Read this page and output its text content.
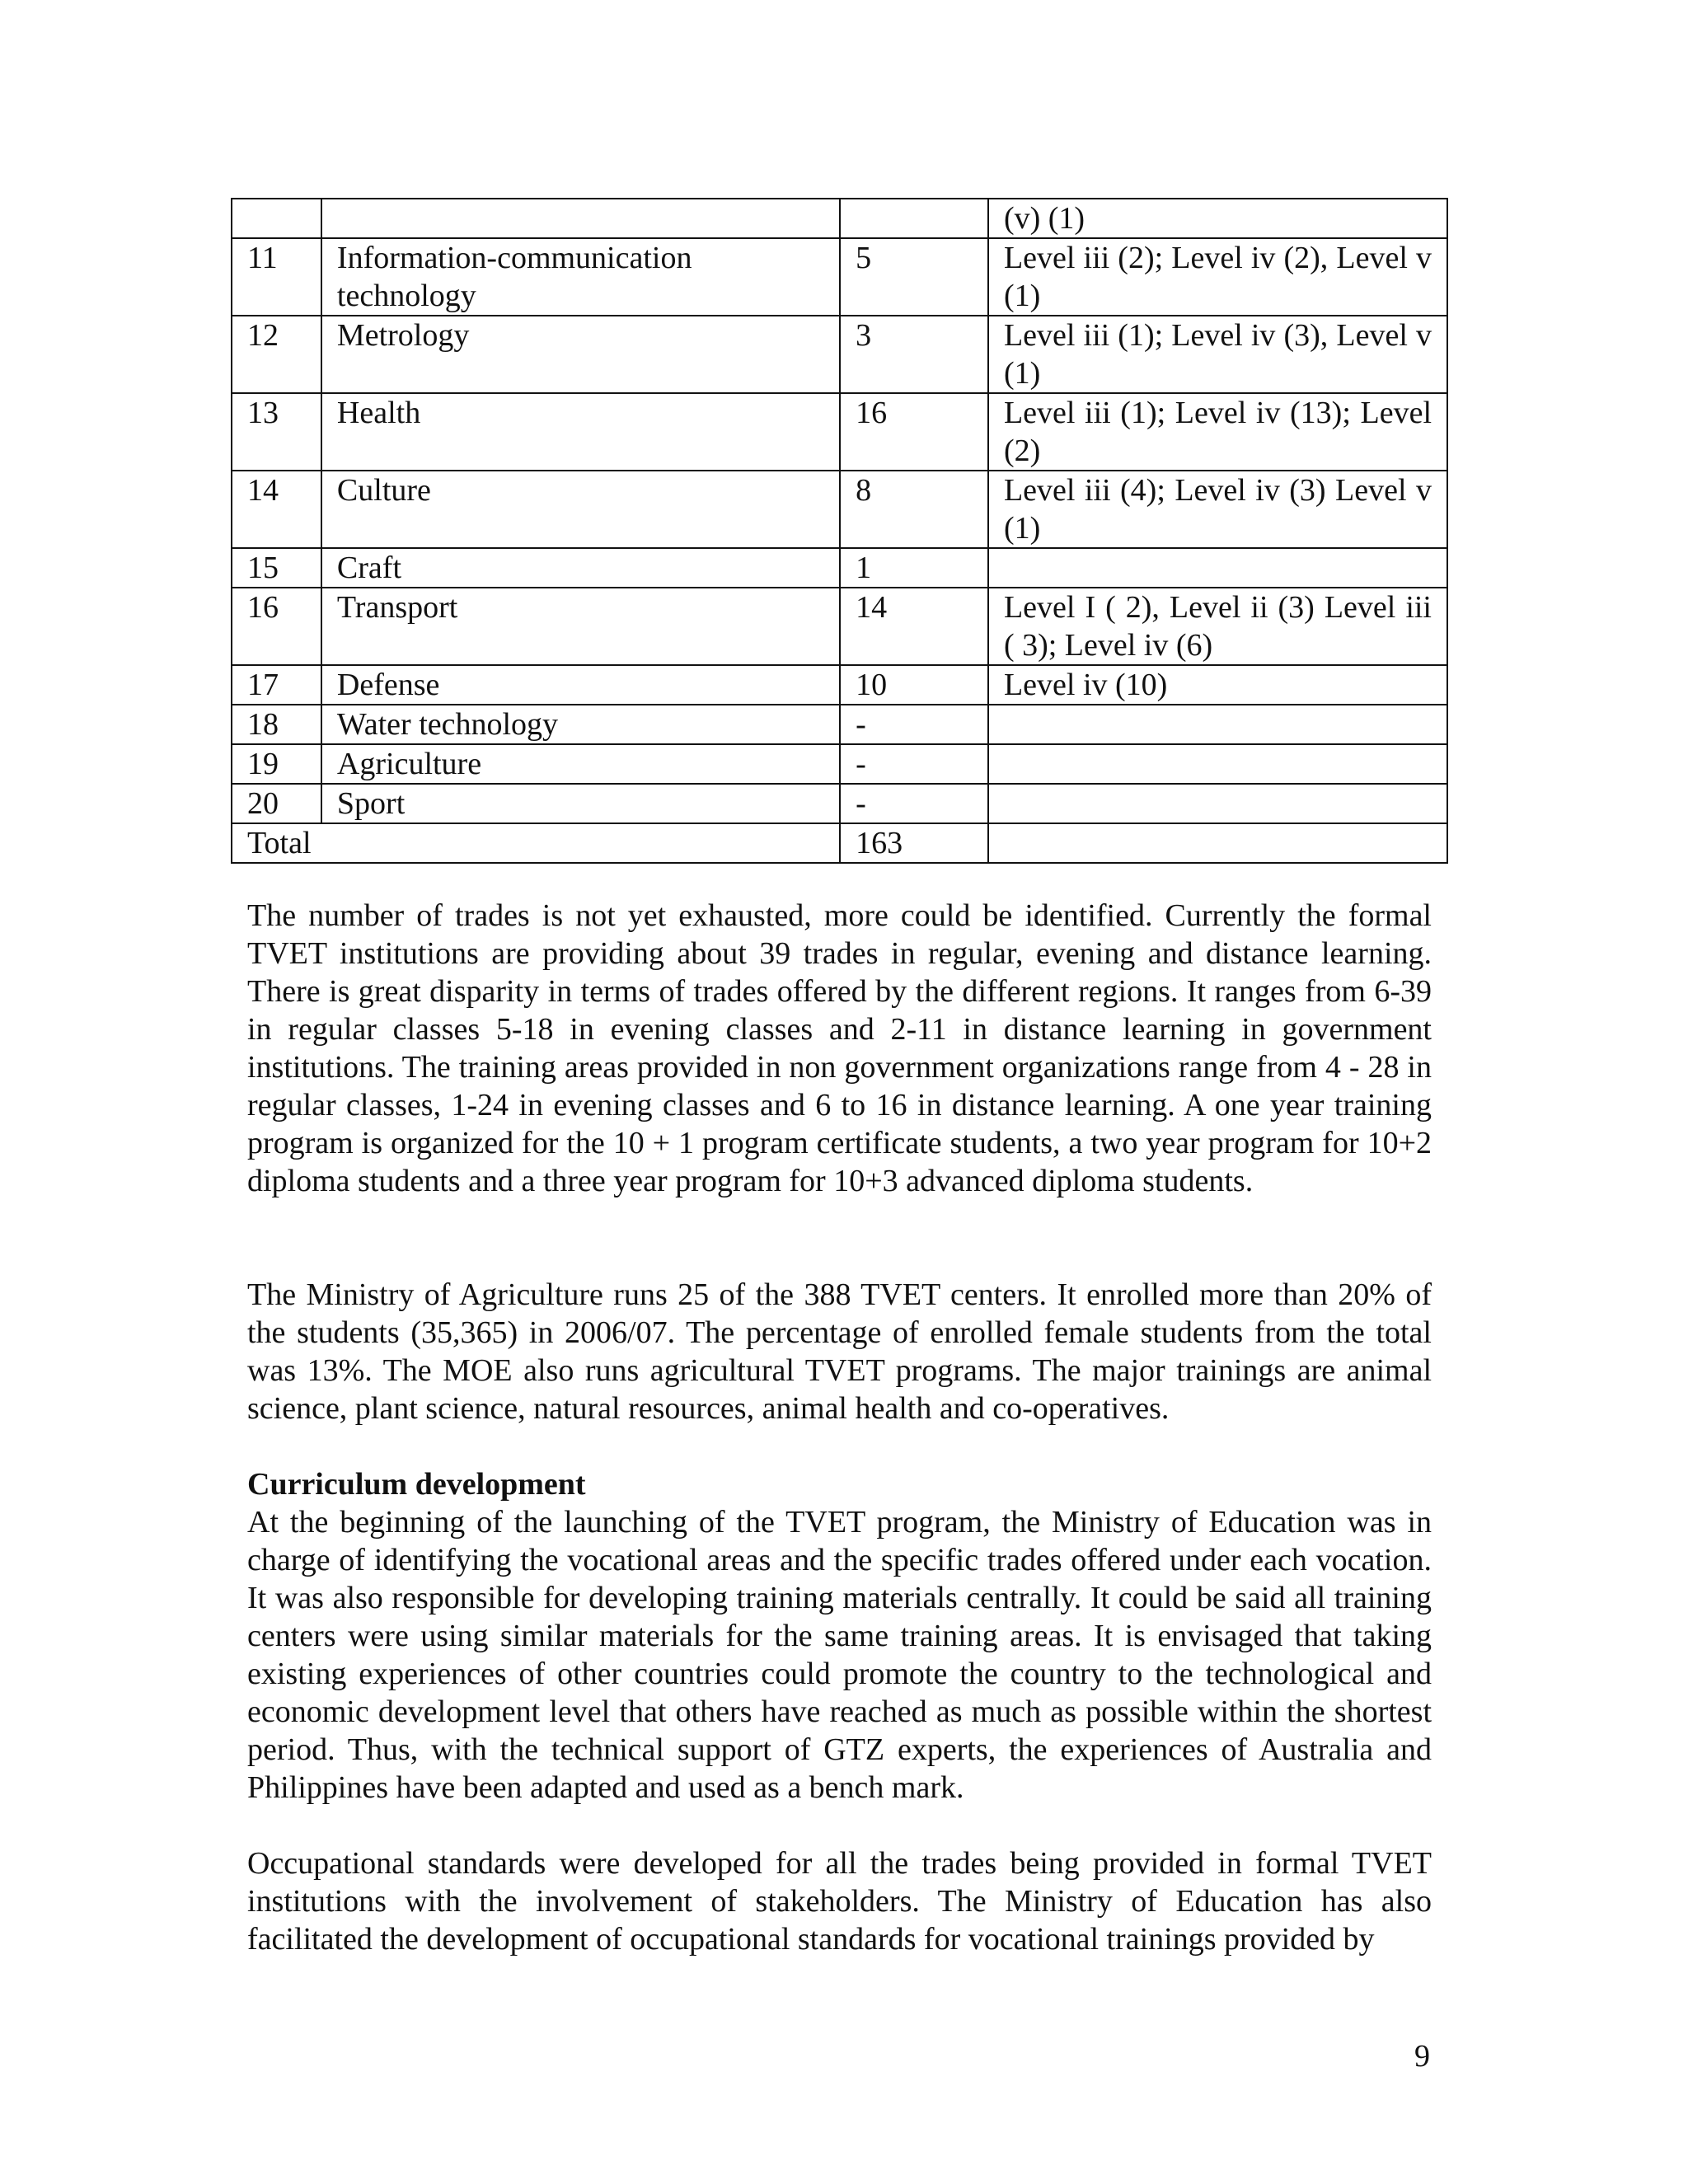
			(v) (1)
11	Information-communication technology	5	Level iii (2); Level iv (2), Level v (1)
12	Metrology	3	Level iii (1); Level iv (3), Level v (1)
13	Health	16	Level iii (1); Level iv (13); Level (2)
14	Culture	8	Level iii (4); Level iv (3) Level v (1)
15	Craft	1	
16	Transport	14	Level I ( 2), Level ii (3) Level iii ( 3); Level iv (6)
17	Defense	10	Level iv (10)
18	Water technology	-	
19	Agriculture	-	
20	Sport	-	
Total		163	

The number of trades is not yet exhausted, more could be identified. Currently the formal TVET institutions are providing about 39 trades in regular, evening and distance learning. There is great disparity in terms of trades offered by the different regions. It ranges from 6-39 in regular classes 5-18 in evening classes and 2-11 in distance learning in government institutions. The training areas provided in non government organizations range from 4 - 28 in regular classes, 1-24 in evening classes and 6 to 16 in distance learning. A one year training program is organized for the 10 + 1 program certificate students, a two year program for 10+2 diploma students and a three year program for 10+3 advanced diploma students.

The Ministry of Agriculture runs 25 of the 388 TVET centers. It enrolled more than 20% of the students (35,365) in 2006/07. The percentage of enrolled female students from the total was 13%. The MOE also runs agricultural TVET programs. The major trainings are animal science, plant science, natural resources, animal health and co-operatives.

Curriculum development

At the beginning of the launching of the TVET program, the Ministry of Education was in charge of identifying the vocational areas and the specific trades offered under each vocation. It was also responsible for developing training materials centrally. It could be said all training centers were using similar materials for the same training areas. It is envisaged that taking existing experiences of other countries could promote the country to the technological and economic development level that others have reached as much as possible within the shortest period. Thus, with the technical support of GTZ experts, the experiences of Australia and Philippines have been adapted and used as a bench mark.

Occupational standards were developed for all the trades being provided in formal TVET institutions with the involvement of stakeholders. The Ministry of Education has also facilitated the development of occupational standards for vocational trainings provided by

9
